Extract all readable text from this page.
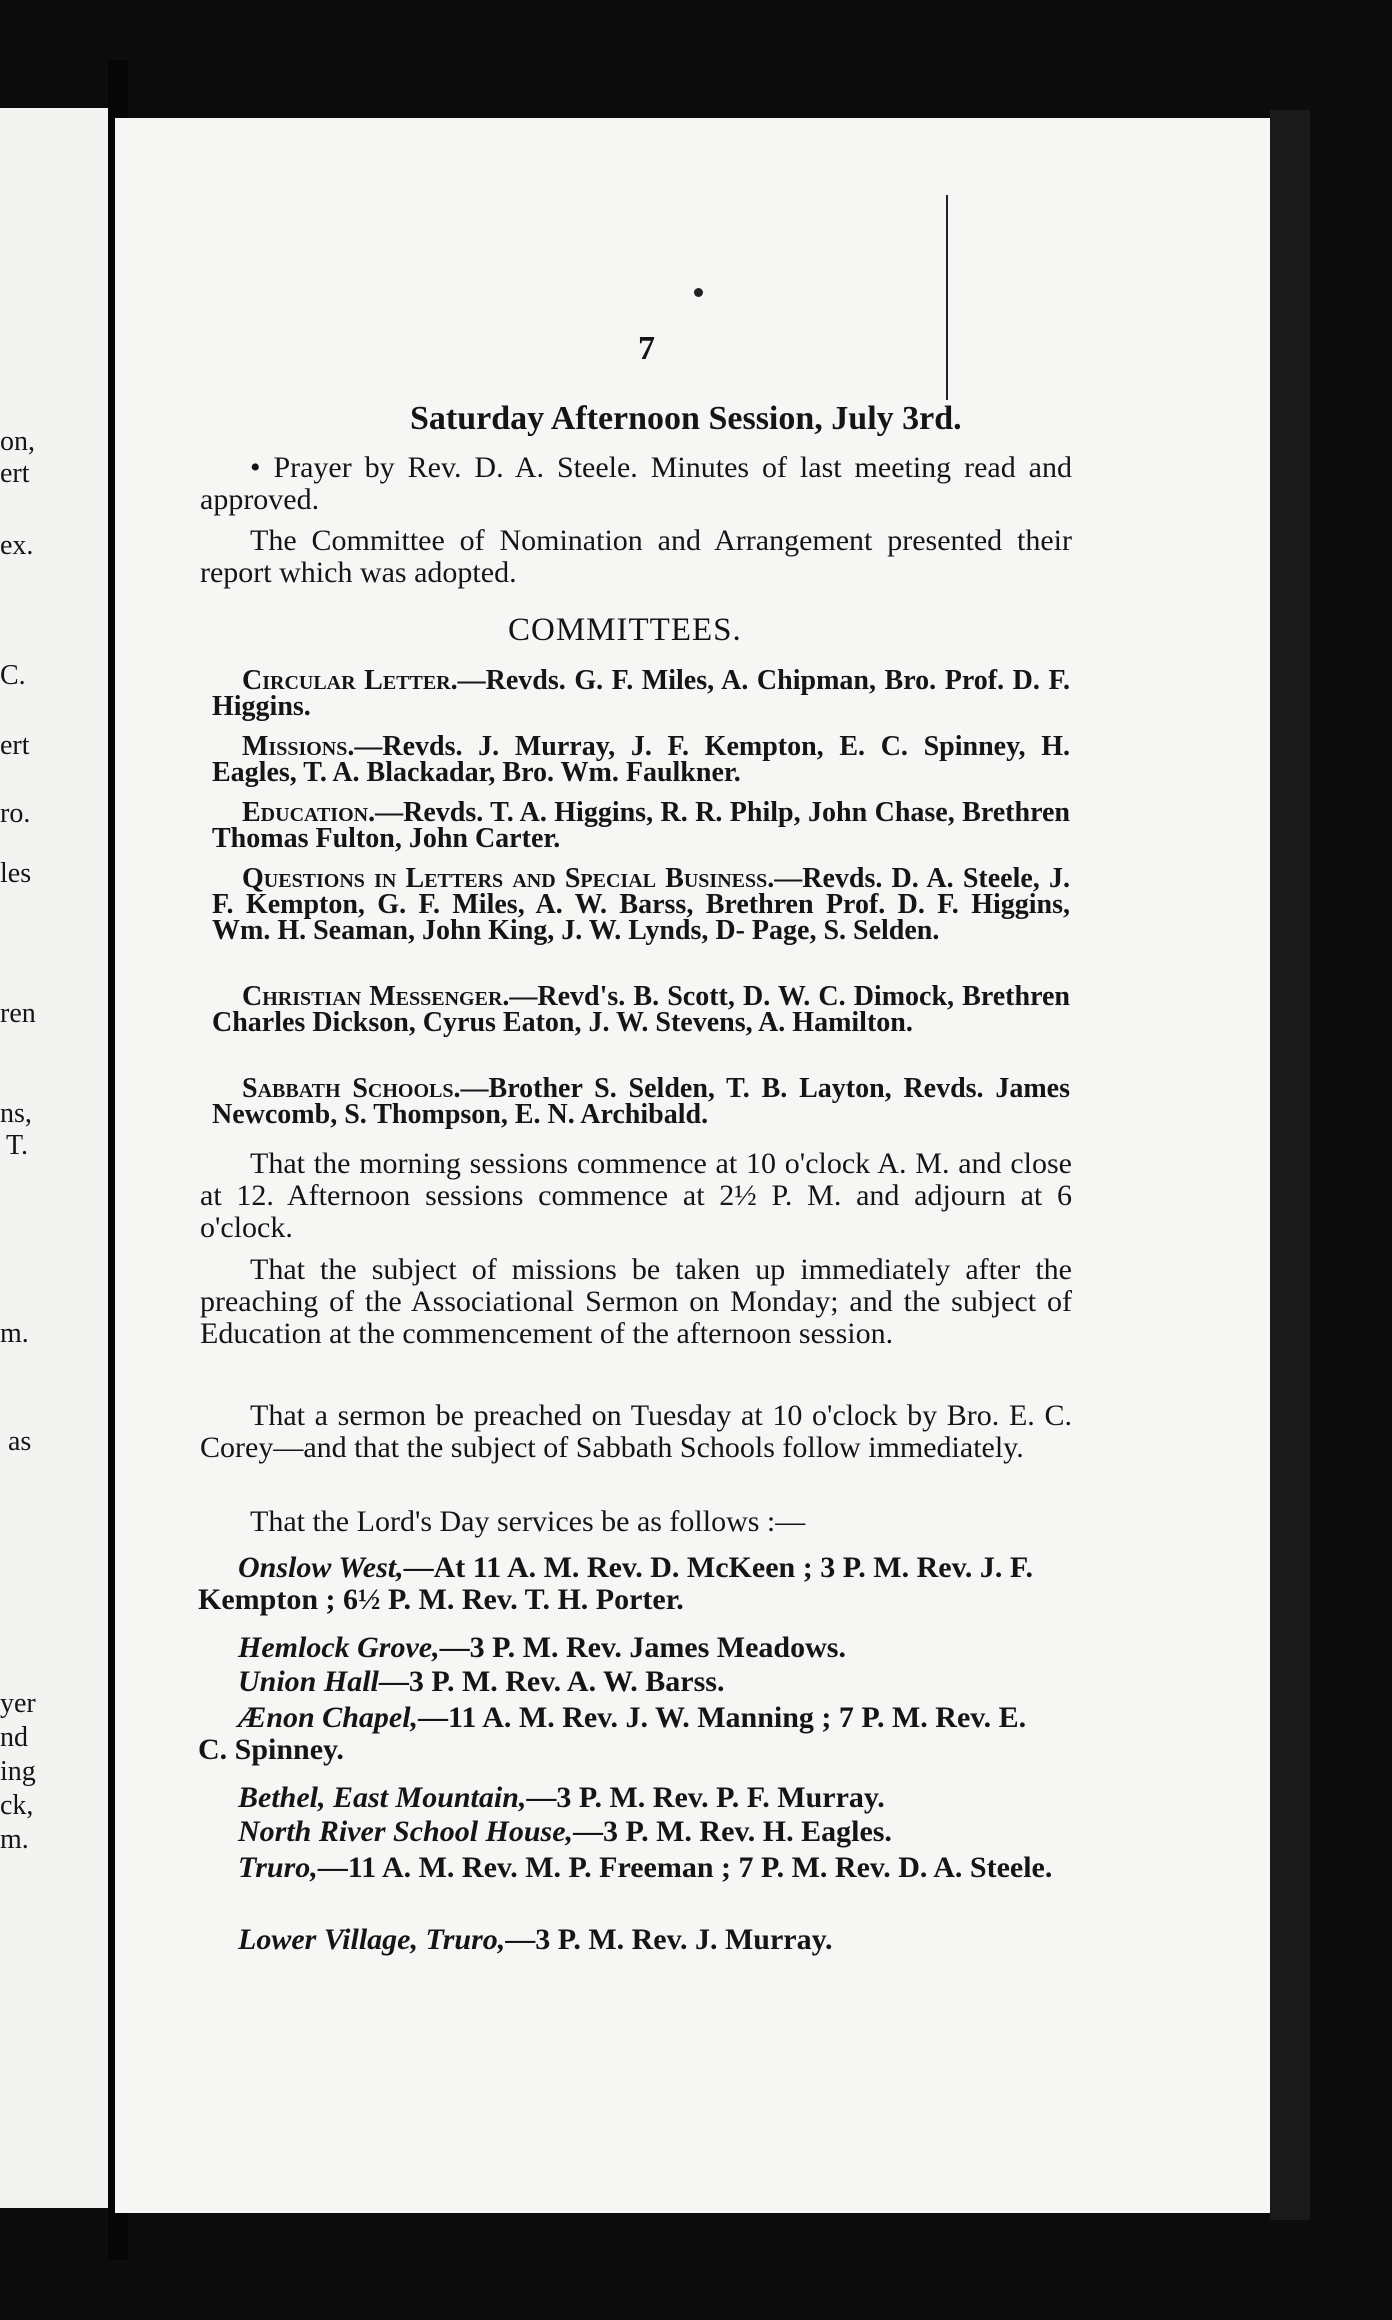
on,
ert
ex.
C.
ert
ro.
les
ren
ns,
T.
m.
as
yer
nd
ing
ck,
m.
7
Saturday Afternoon Session, July 3rd.

• Prayer by Rev. D. A. Steele. Minutes of last meeting read and approved.

The Committee of Nomination and Arrangement presented their report which was adopted.

COMMITTEES.

Circular Letter.—Revds. G. F. Miles, A. Chipman, Bro. Prof. D. F. Higgins.

Missions.—Revds. J. Murray, J. F. Kempton, E. C. Spinney, H. Eagles, T. A. Blackadar, Bro. Wm. Faulkner.

Education.—Revds. T. A. Higgins, R. R. Philp, John Chase, Brethren Thomas Fulton, John Carter.

Questions in Letters and Special Business.—Revds. D. A. Steele, J. F. Kempton, G. F. Miles, A. W. Barss, Brethren Prof. D. F. Higgins, Wm. H. Seaman, John King, J. W. Lynds, D- Page, S. Selden.

Christian Messenger.—Revd's. B. Scott, D. W. C. Dimock, Brethren Charles Dickson, Cyrus Eaton, J. W. Stevens, A. Hamilton.

Sabbath Schools.—Brother S. Selden, T. B. Layton, Revds. James Newcomb, S. Thompson, E. N. Archibald.

That the morning sessions commence at 10 o'clock A. M. and close at 12. Afternoon sessions commence at 2½ P. M. and adjourn at 6 o'clock.

That the subject of missions be taken up immediately after the preaching of the Associational Sermon on Monday; and the subject of Education at the commencement of the afternoon session.

That a sermon be preached on Tuesday at 10 o'clock by Bro. E. C. Corey—and that the subject of Sabbath Schools follow immediately.

That the Lord's Day services be as follows :—

Onslow West,—At 11 A. M. Rev. D. McKeen ; 3 P. M. Rev. J. F. Kempton ; 6½ P. M. Rev. T. H. Porter.

Hemlock Grove,—3 P. M. Rev. James Meadows.

Union Hall—3 P. M. Rev. A. W. Barss.

Ænon Chapel,—11 A. M. Rev. J. W. Manning ; 7 P. M. Rev. E. C. Spinney.

Bethel, East Mountain,—3 P. M. Rev. P. F. Murray.

North River School House,—3 P. M. Rev. H. Eagles.

Truro,—11 A. M. Rev. M. P. Freeman ; 7 P. M. Rev. D. A. Steele.

Lower Village, Truro,—3 P. M. Rev. J. Murray.
